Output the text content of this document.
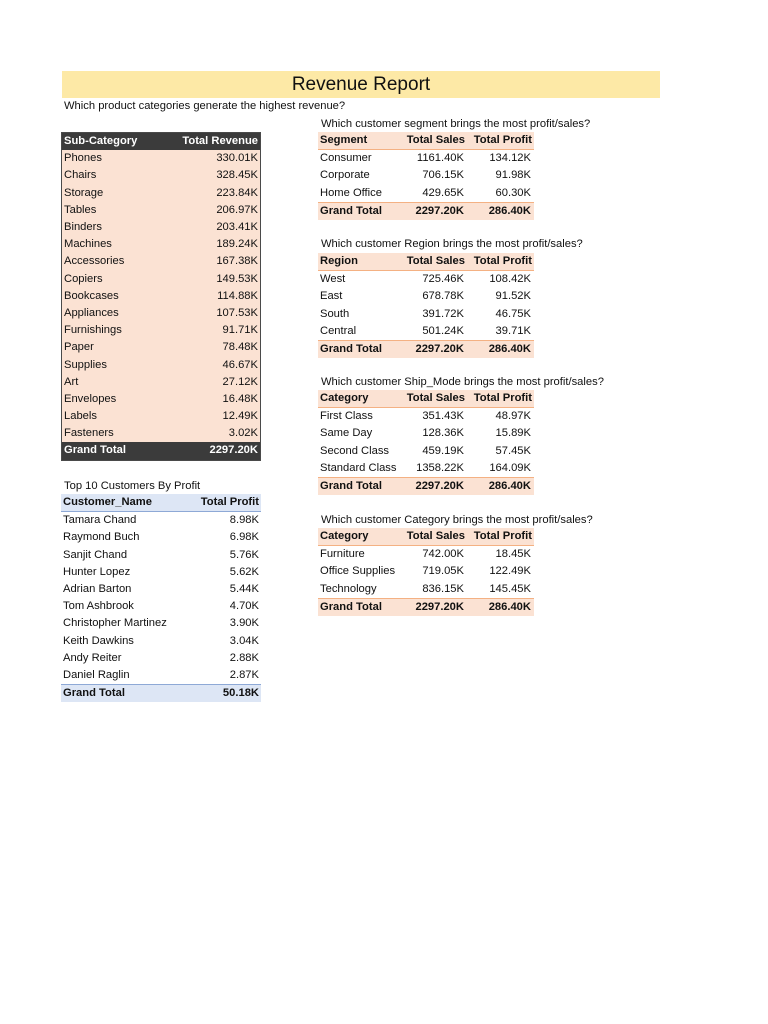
Revenue Report
Which product categories generate the highest revenue?
Sub-Category	Total Revenue
Phones	330.01K
Chairs	328.45K
Storage	223.84K
Tables	206.97K
Binders	203.41K
Machines	189.24K
Accessories	167.38K
Copiers	149.53K
Bookcases	114.88K
Appliances	107.53K
Furnishings	91.71K
Paper	78.48K
Supplies	46.67K
Art	27.12K
Envelopes	16.48K
Labels	12.49K
Fasteners	3.02K
Grand Total	2297.20K
Top 10 Customers By Profit
Customer_Name	Total Profit
Tamara Chand	8.98K
Raymond Buch	6.98K
Sanjit Chand	5.76K
Hunter Lopez	5.62K
Adrian Barton	5.44K
Tom Ashbrook	4.70K
Christopher Martinez	3.90K
Keith Dawkins	3.04K
Andy Reiter	2.88K
Daniel Raglin	2.87K
Grand Total	50.18K
Which customer segment brings the most profit/sales?
Segment	Total Sales	Total Profit
Consumer	1161.40K	134.12K
Corporate	706.15K	91.98K
Home Office	429.65K	60.30K
Grand Total	2297.20K	286.40K
Which customer Region brings the most profit/sales?
Region	Total Sales	Total Profit
West	725.46K	108.42K
East	678.78K	91.52K
South	391.72K	46.75K
Central	501.24K	39.71K
Grand Total	2297.20K	286.40K
Which customer Ship_Mode brings the most profit/sales?
Category	Total Sales	Total Profit
First Class	351.43K	48.97K
Same Day	128.36K	15.89K
Second Class	459.19K	57.45K
Standard Class	1358.22K	164.09K
Grand Total	2297.20K	286.40K
Which customer Category brings the most profit/sales?
Category	Total Sales	Total Profit
Furniture	742.00K	18.45K
Office Supplies	719.05K	122.49K
Technology	836.15K	145.45K
Grand Total	2297.20K	286.40K
